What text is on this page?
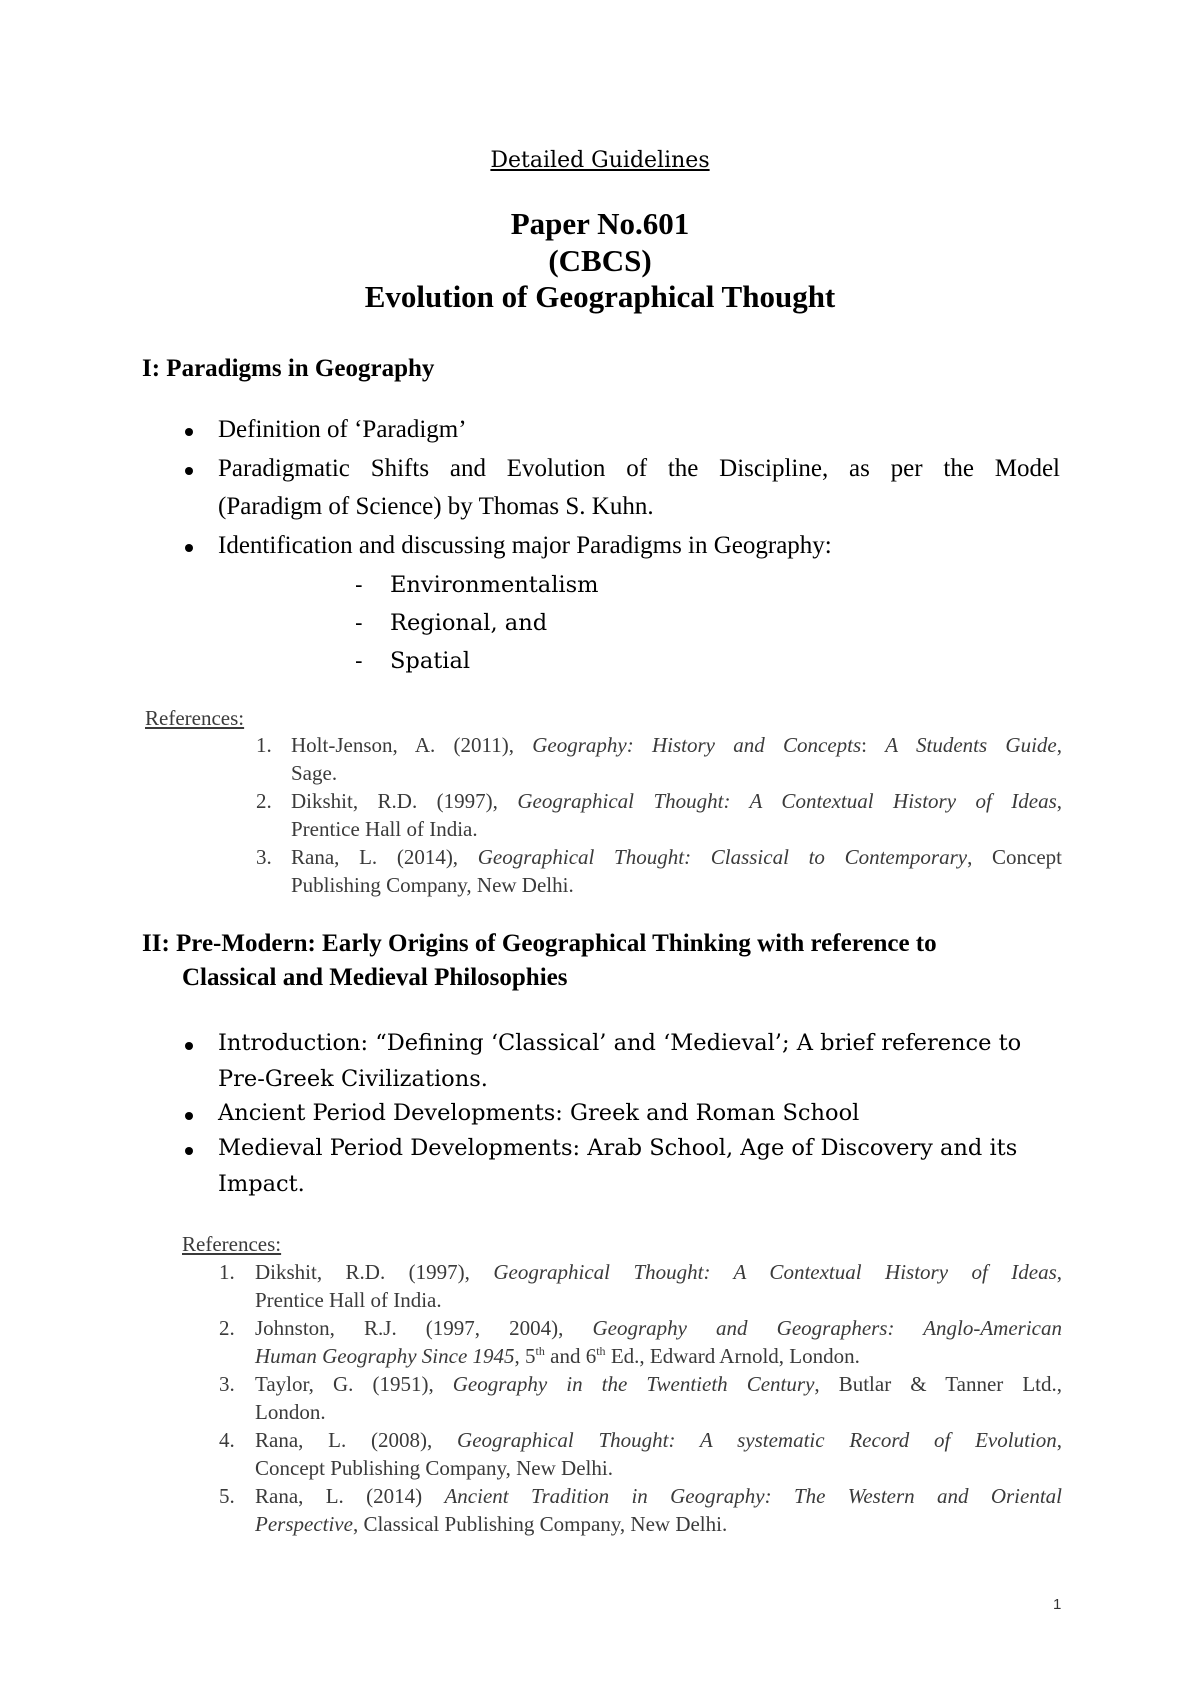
Detailed Guidelines
Paper No.601
(CBCS)
Evolution of Geographical Thought
I: Paradigms in Geography
Definition of ‘Paradigm’
Paradigmatic Shifts and Evolution of the Discipline, as per the Model
(Paradigm of Science) by Thomas S. Kuhn.
Identification and discussing major Paradigms in Geography:
- Environmentalism
- Regional, and
- Spatial
References:
1. Holt-Jenson, A. (2011), Geography: History and Concepts: A Students Guide,
Sage.
2. Dikshit, R.D. (1997), Geographical Thought: A Contextual History of Ideas,
Prentice Hall of India.
3. Rana, L. (2014), Geographical Thought: Classical to Contemporary, Concept
Publishing Company, New Delhi.
II: Pre-Modern: Early Origins of Geographical Thinking with reference to
Classical and Medieval Philosophies
Introduction: “Defining ‘Classical’ and ‘Medieval’; A brief reference to
Pre-Greek Civilizations.
Ancient Period Developments: Greek and Roman School
Medieval Period Developments: Arab School, Age of Discovery and its
Impact.
References:
1. Dikshit, R.D. (1997), Geographical Thought: A Contextual History of Ideas,
Prentice Hall of India.
2. Johnston, R.J. (1997, 2004), Geography and Geographers: Anglo-American
Human Geography Since 1945, 5th and 6th Ed., Edward Arnold, London.
3. Taylor, G. (1951), Geography in the Twentieth Century, Butlar & Tanner Ltd.,
London.
4. Rana, L. (2008), Geographical Thought: A systematic Record of Evolution,
Concept Publishing Company, New Delhi.
5. Rana, L. (2014) Ancient Tradition in Geography: The Western and Oriental
Perspective, Classical Publishing Company, New Delhi.
1
